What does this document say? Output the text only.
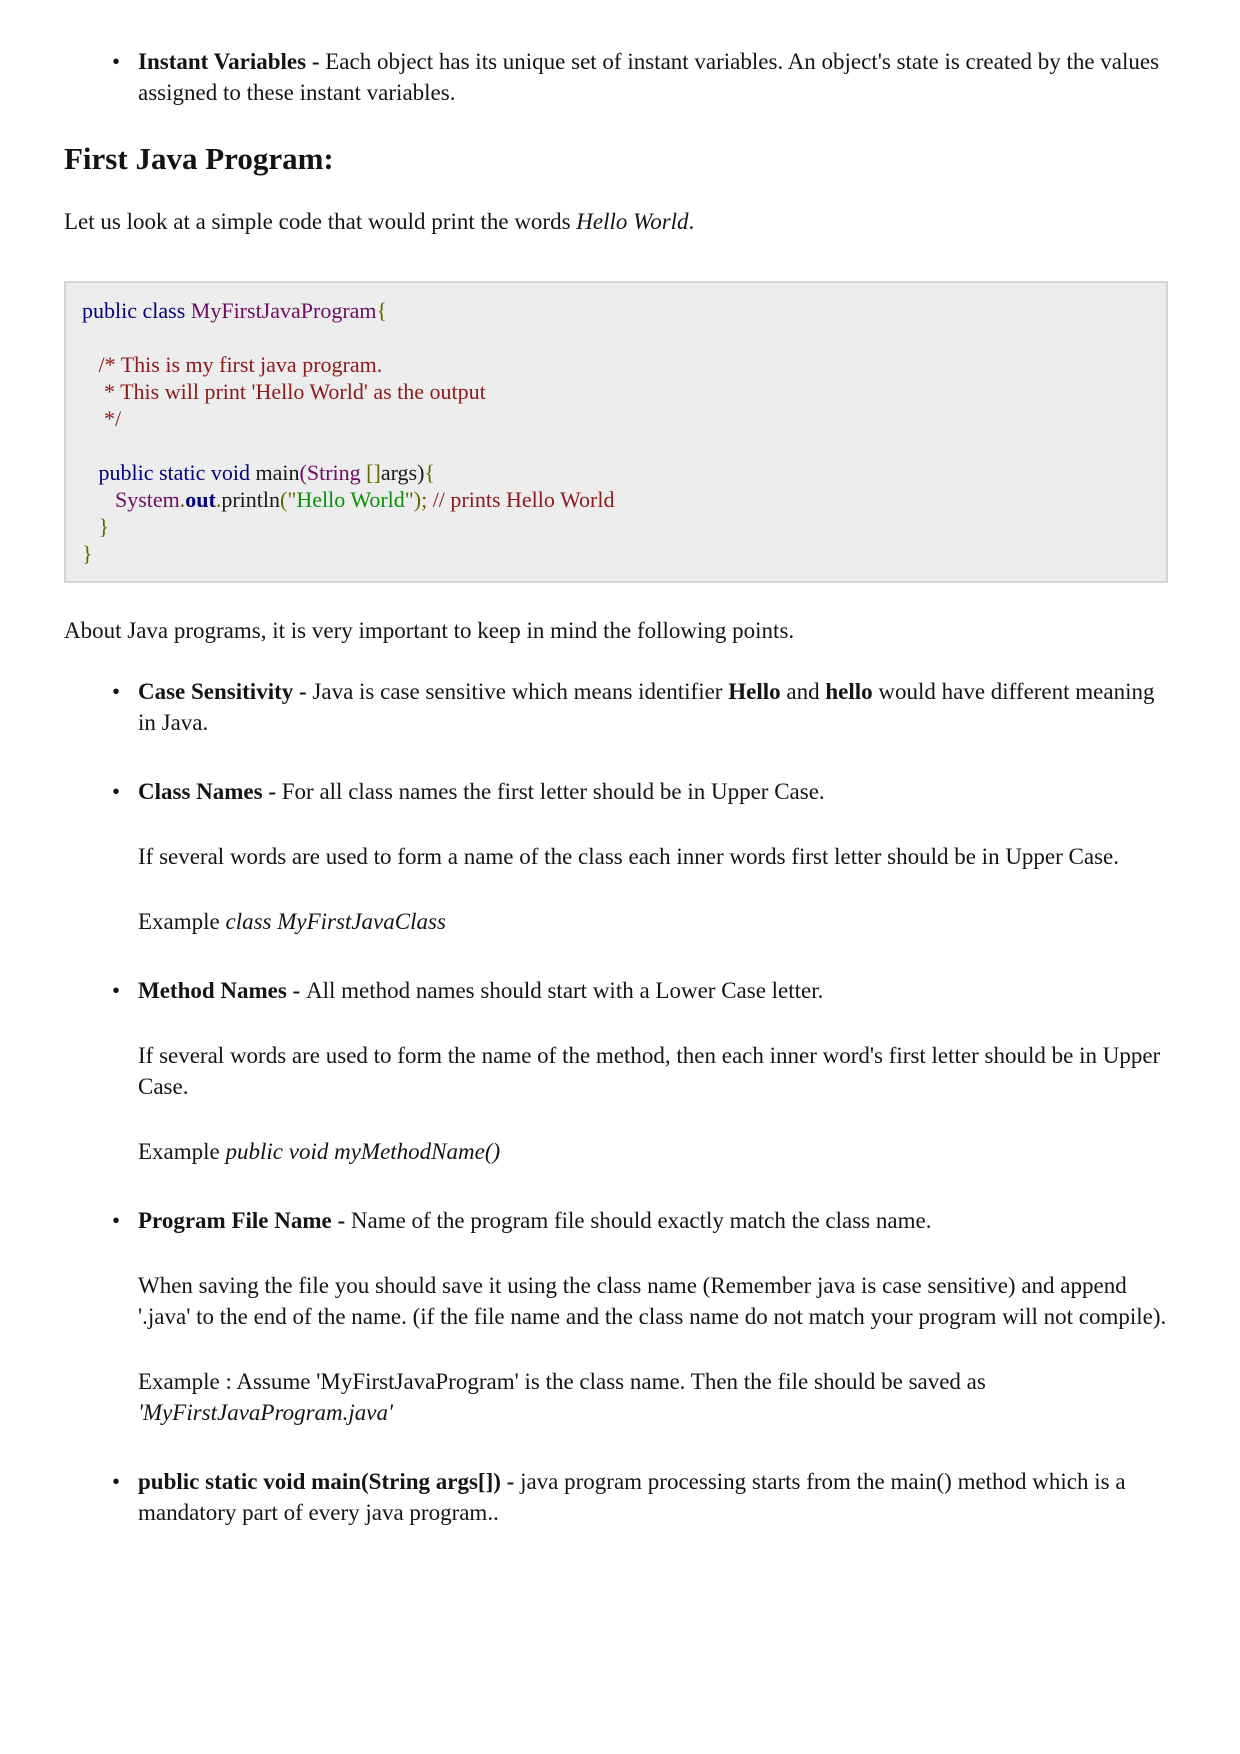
• Instant Variables - Each object has its unique set of instant variables. An object's state is created by the values assigned to these instant variables.

First Java Program:

Let us look at a simple code that would print the words Hello World.

public class MyFirstJavaProgram{

/* This is my first java program.
* This will print 'Hello World' as the output
*/

public static void main(String []args){
System.out.println("Hello World"); // prints Hello World
}
}

About Java programs, it is very important to keep in mind the following points.

• Case Sensitivity - Java is case sensitive which means identifier Hello and hello would have different meaning in Java.

• Class Names - For all class names the first letter should be in Upper Case.

If several words are used to form a name of the class each inner words first letter should be in Upper Case.

Example class MyFirstJavaClass

• Method Names - All method names should start with a Lower Case letter.

If several words are used to form the name of the method, then each inner word's first letter should be in Upper Case.

Example public void myMethodName()

• Program File Name - Name of the program file should exactly match the class name.

When saving the file you should save it using the class name (Remember java is case sensitive) and append '.java' to the end of the name. (if the file name and the class name do not match your program will not compile).

Example : Assume 'MyFirstJavaProgram' is the class name. Then the file should be saved as 'MyFirstJavaProgram.java'

• public static void main(String args[]) - java program processing starts from the main() method which is a mandatory part of every java program..
